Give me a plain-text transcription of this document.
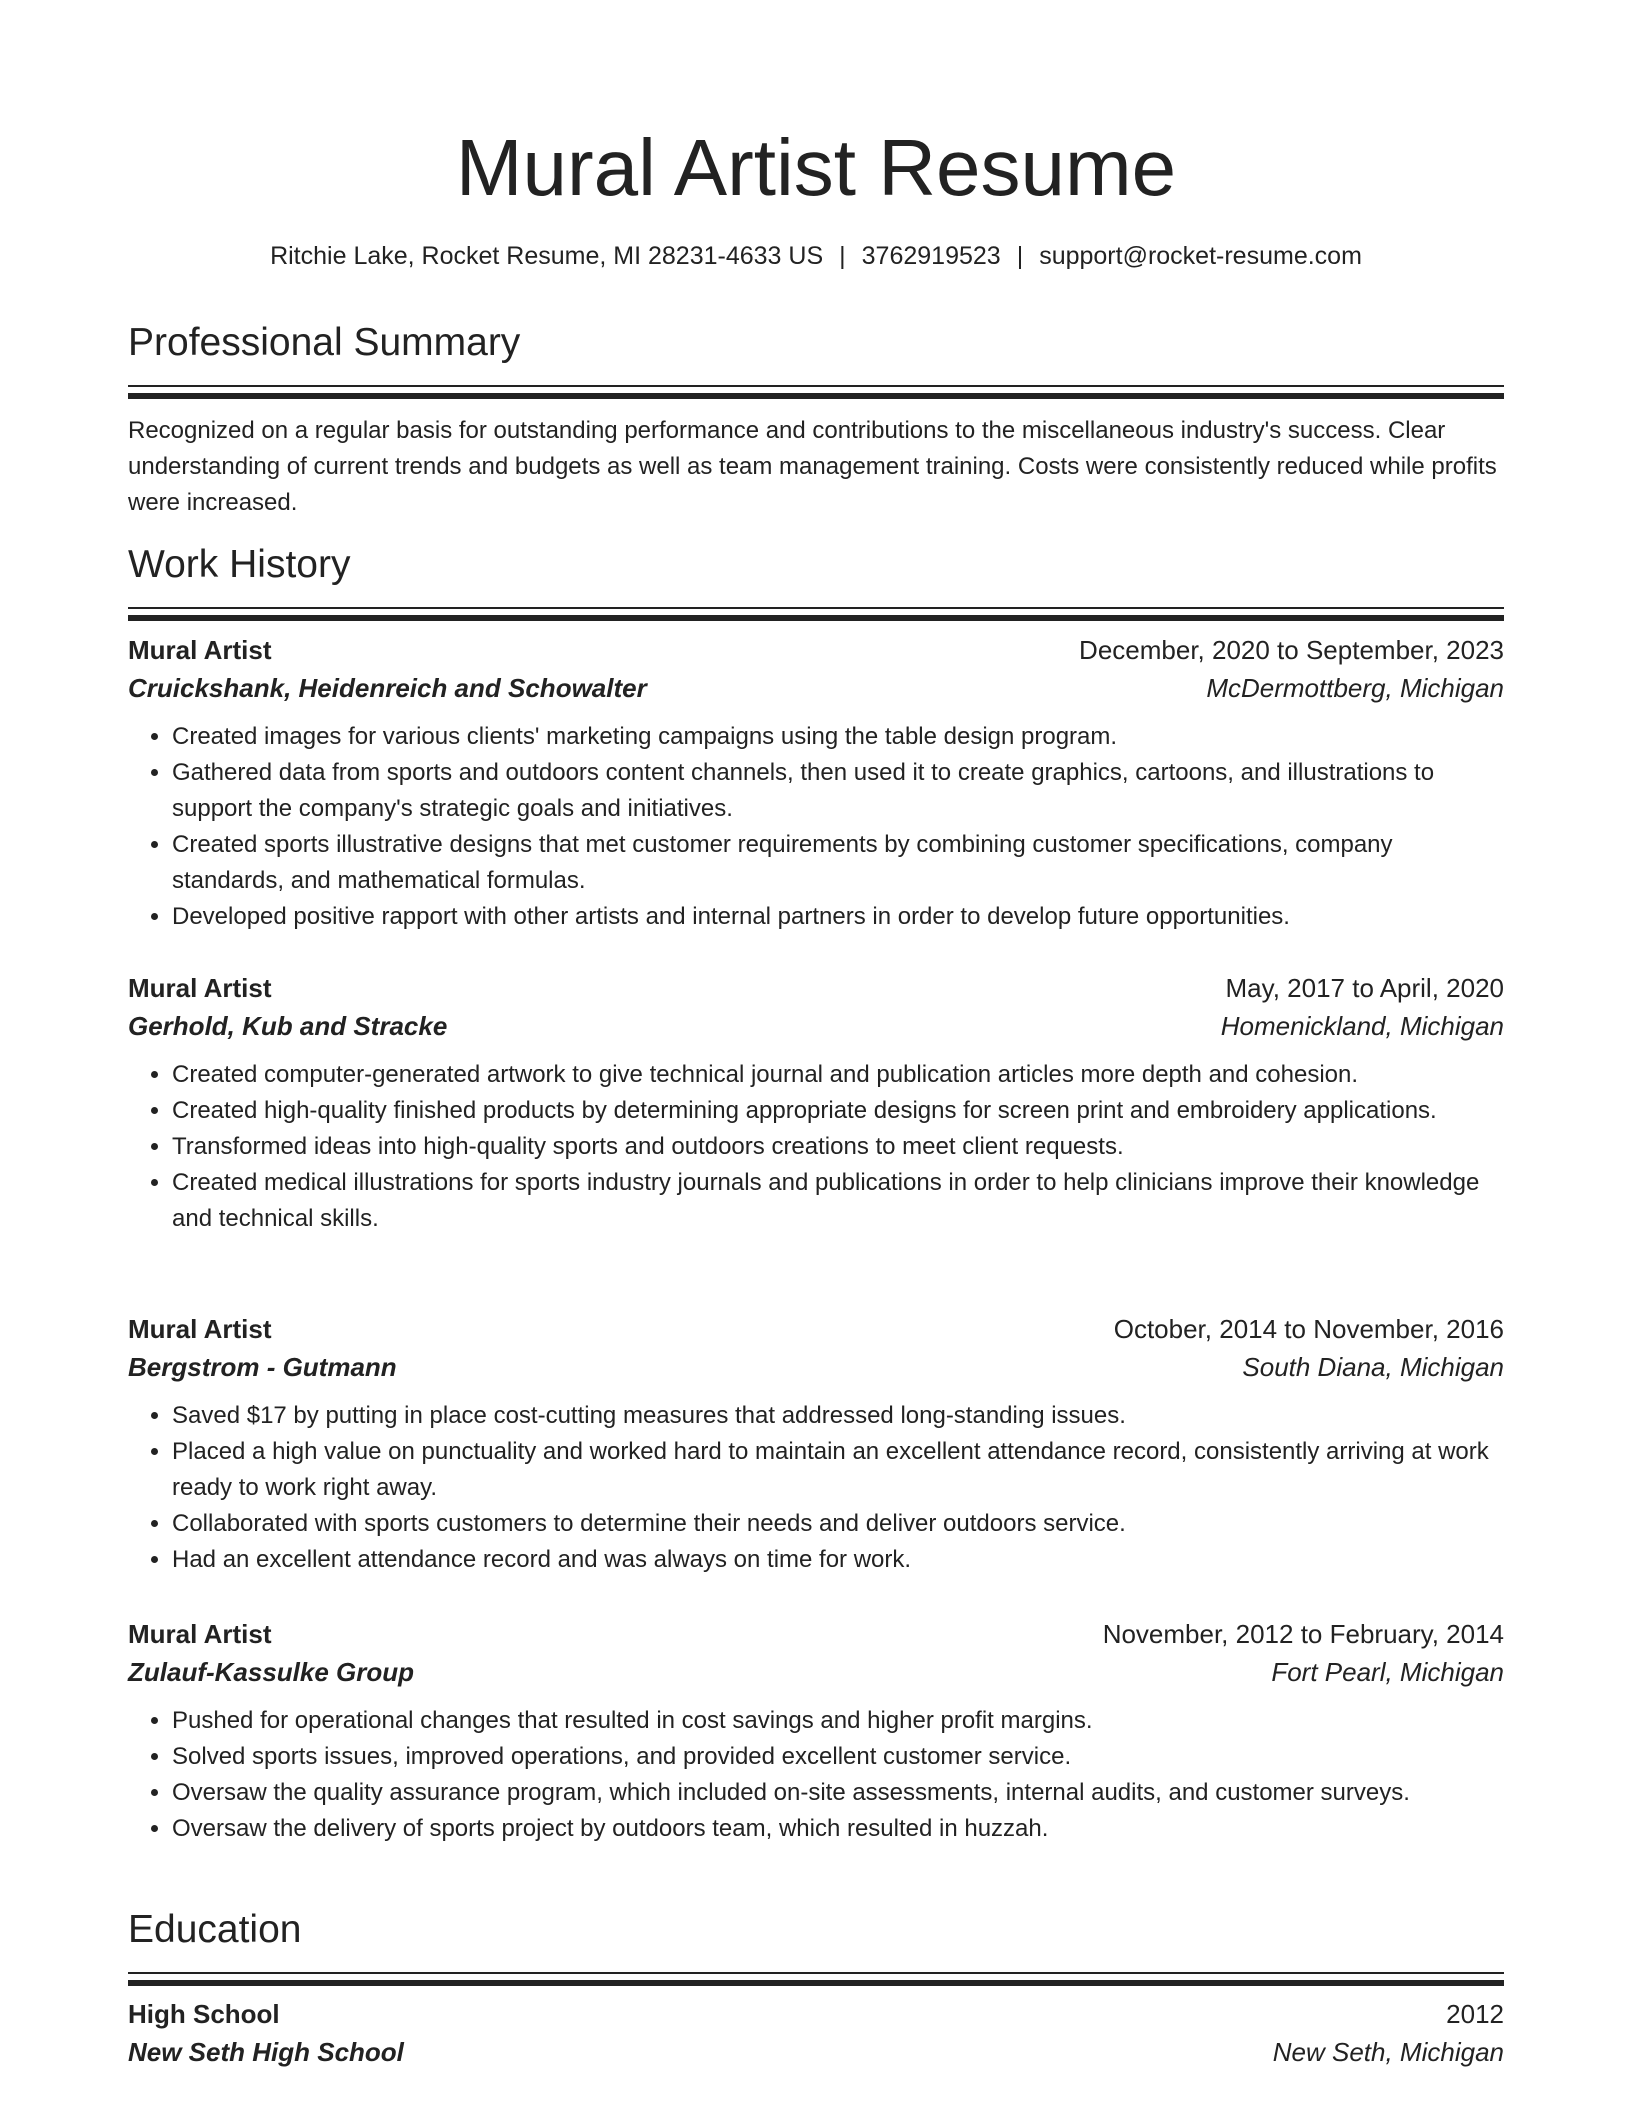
Mural Artist Resume
Ritchie Lake, Rocket Resume, MI 28231-4633 US | 3762919523 | support@rocket-resume.com
Professional Summary
Recognized on a regular basis for outstanding performance and contributions to the miscellaneous industry's success. Clear understanding of current trends and budgets as well as team management training. Costs were consistently reduced while profits were increased.
Work History
Mural Artist	December, 2020 to September, 2023
Cruickshank, Heidenreich and Schowalter	McDermottberg, Michigan
• Created images for various clients' marketing campaigns using the table design program.
• Gathered data from sports and outdoors content channels, then used it to create graphics, cartoons, and illustrations to support the company's strategic goals and initiatives.
• Created sports illustrative designs that met customer requirements by combining customer specifications, company standards, and mathematical formulas.
• Developed positive rapport with other artists and internal partners in order to develop future opportunities.
Mural Artist	May, 2017 to April, 2020
Gerhold, Kub and Stracke	Homenickland, Michigan
• Created computer-generated artwork to give technical journal and publication articles more depth and cohesion.
• Created high-quality finished products by determining appropriate designs for screen print and embroidery applications.
• Transformed ideas into high-quality sports and outdoors creations to meet client requests.
• Created medical illustrations for sports industry journals and publications in order to help clinicians improve their knowledge and technical skills.
Mural Artist	October, 2014 to November, 2016
Bergstrom - Gutmann	South Diana, Michigan
• Saved $17 by putting in place cost-cutting measures that addressed long-standing issues.
• Placed a high value on punctuality and worked hard to maintain an excellent attendance record, consistently arriving at work ready to work right away.
• Collaborated with sports customers to determine their needs and deliver outdoors service.
• Had an excellent attendance record and was always on time for work.
Mural Artist	November, 2012 to February, 2014
Zulauf-Kassulke Group	Fort Pearl, Michigan
• Pushed for operational changes that resulted in cost savings and higher profit margins.
• Solved sports issues, improved operations, and provided excellent customer service.
• Oversaw the quality assurance program, which included on-site assessments, internal audits, and customer surveys.
• Oversaw the delivery of sports project by outdoors team, which resulted in huzzah.
Education
High School	2012
New Seth High School	New Seth, Michigan
